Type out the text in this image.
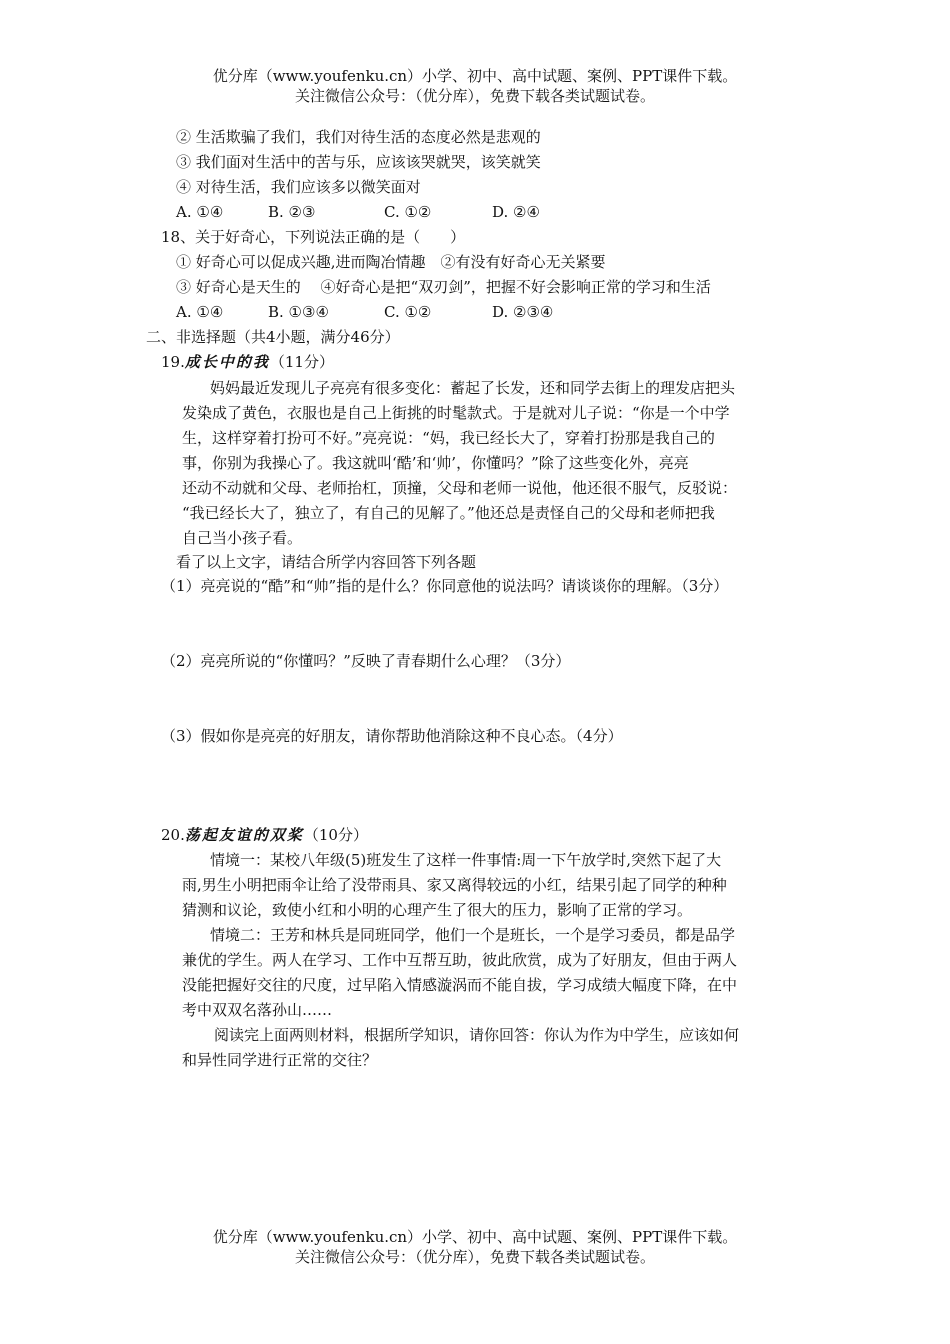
优分库（www.youfenku.cn）小学、初中、高中试题、案例、PPT课件下载。
关注微信公众号：（优分库），免费下载各类试题试卷。
② 生活欺骗了我们，我们对待生活的态度必然是悲观的
③ 我们面对生活中的苦与乐，应该该哭就哭，该笑就笑
④ 对待生活，我们应该多以微笑面对
A. ①④	B. ②③	C. ①②	D. ②④
18、关于好奇心，下列说法正确的是（　　）
① 好奇心可以促成兴趣,进而陶冶情趣　②有没有好奇心无关紧要
③ 好奇心是天生的　 ④好奇心是把“双刃剑”，把握不好会影响正常的学习和生活
A. ①④	B. ①③④	C. ①②	D. ②③④
二、非选择题（共4小题，满分46分）
19.成长中的我（11分）
妈妈最近发现儿子亮亮有很多变化：蓄起了长发，还和同学去街上的理发店把头
发染成了黄色，衣服也是自己上街挑的时髦款式。于是就对儿子说：“你是一个中学
生，这样穿着打扮可不好。”亮亮说：“妈，我已经长大了，穿着打扮那是我自己的
事，你别为我操心了。我这就叫‘酷’和‘帅’，你懂吗？”除了这些变化外，亮亮
还动不动就和父母、老师抬杠，顶撞，父母和老师一说他，他还很不服气，反驳说：
“我已经长大了，独立了，有自己的见解了。”他还总是责怪自己的父母和老师把我
自己当小孩子看。
看了以上文字，请结合所学内容回答下列各题
（1）亮亮说的“酷”和“帅”指的是什么？你同意他的说法吗？请谈谈你的理解。（3分）
（2）亮亮所说的“你懂吗？”反映了青春期什么心理？（3分）
（3）假如你是亮亮的好朋友，请你帮助他消除这种不良心态。（4分）
20.荡起友谊的双桨（10分）
情境一：某校八年级(5)班发生了这样一件事情:周一下午放学时,突然下起了大
雨,男生小明把雨伞让给了没带雨具、家又离得较远的小红，结果引起了同学的种种
猜测和议论，致使小红和小明的心理产生了很大的压力，影响了正常的学习。
情境二：王芳和林兵是同班同学，他们一个是班长，一个是学习委员，都是品学
兼优的学生。两人在学习、工作中互帮互助，彼此欣赏，成为了好朋友，但由于两人
没能把握好交往的尺度，过早陷入情感漩涡而不能自拔，学习成绩大幅度下降，在中
考中双双名落孙山……
阅读完上面两则材料，根据所学知识，请你回答：你认为作为中学生，应该如何
和异性同学进行正常的交往？
优分库（www.youfenku.cn）小学、初中、高中试题、案例、PPT课件下载。
关注微信公众号：（优分库），免费下载各类试题试卷。
